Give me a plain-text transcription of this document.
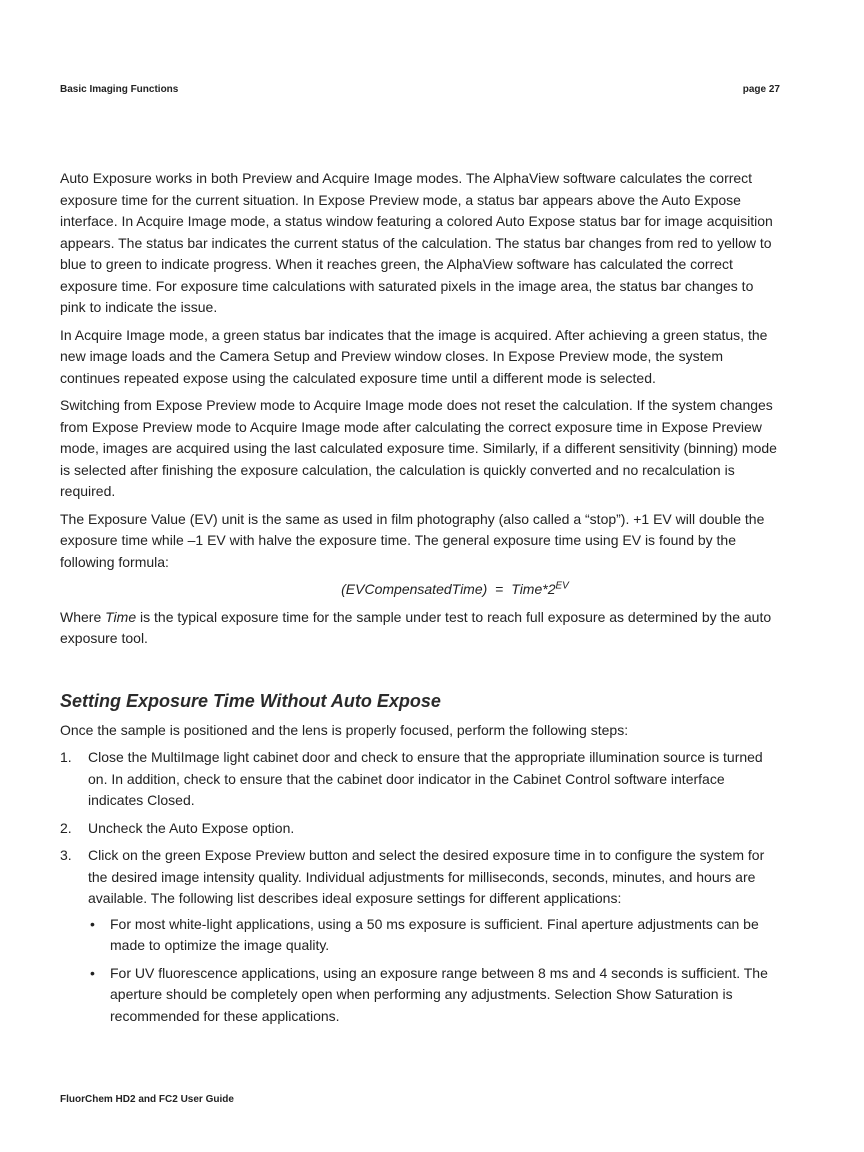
Basic Imaging Functions	page 27

Auto Exposure works in both Preview and Acquire Image modes. The AlphaView software calculates the correct exposure time for the current situation. In Expose Preview mode, a status bar appears above the Auto Expose interface. In Acquire Image mode, a status window featuring a colored Auto Expose status bar for image acquisition appears. The status bar indicates the current status of the calculation. The status bar changes from red to yellow to blue to green to indicate progress. When it reaches green, the AlphaView software has calculated the correct exposure time. For exposure time calculations with saturated pixels in the image area, the status bar changes to pink to indicate the issue.

In Acquire Image mode, a green status bar indicates that the image is acquired. After achieving a green status, the new image loads and the Camera Setup and Preview window closes. In Expose Preview mode, the system continues repeated expose using the calculated exposure time until a different mode is selected.

Switching from Expose Preview mode to Acquire Image mode does not reset the calculation. If the system changes from Expose Preview mode to Acquire Image mode after calculating the correct exposure time in Expose Preview mode, images are acquired using the last calculated exposure time. Similarly, if a different sensitivity (binning) mode is selected after finishing the exposure calculation, the calculation is quickly converted and no recalculation is required.

The Exposure Value (EV) unit is the same as used in film photography (also called a “stop”). +1 EV will double the exposure time while –1 EV with halve the exposure time. The general exposure time using EV is found by the following formula:

(EVCompensatedTime) = $Time*2^{EV}$

Where Time is the typical exposure time for the sample under test to reach full exposure as determined by the auto exposure tool.

Setting Exposure Time Without Auto Expose

Once the sample is positioned and the lens is properly focused, perform the following steps:

1. Close the MultiImage light cabinet door and check to ensure that the appropriate illumination source is turned on. In addition, check to ensure that the cabinet door indicator in the Cabinet Control software interface indicates Closed.
2. Uncheck the Auto Expose option.
3. Click on the green Expose Preview button and select the desired exposure time in to configure the system for the desired image intensity quality. Individual adjustments for milliseconds, seconds, minutes, and hours are available. The following list describes ideal exposure settings for different applications:
• For most white-light applications, using a 50 ms exposure is sufficient. Final aperture adjustments can be made to optimize the image quality.
• For UV fluorescence applications, using an exposure range between 8 ms and 4 seconds is sufficient. The aperture should be completely open when performing any adjustments. Selection Show Saturation is recommended for these applications.
FluorChem HD2 and FC2 User Guide
